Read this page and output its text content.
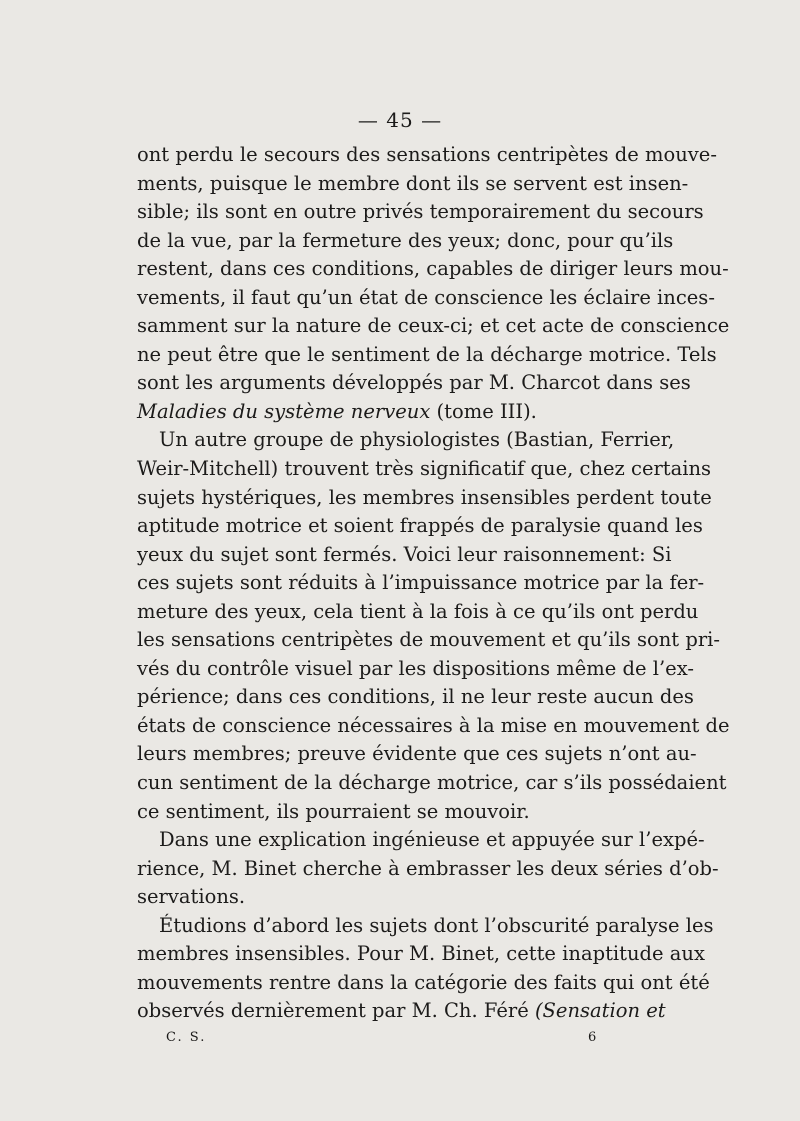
— 45 —
ont perdu le secours des sensations centripètes de mouve-
ments, puisque le membre dont ils se servent est insen-
sible; ils sont en outre privés temporairement du secours
de la vue, par la fermeture des yeux; donc, pour qu’ils
restent, dans ces conditions, capables de diriger leurs mou-
vements, il faut qu’un état de conscience les éclaire inces-
samment sur la nature de ceux-ci; et cet acte de conscience
ne peut être que le sentiment de la décharge motrice. Tels
sont les arguments développés par M. Charcot dans ses
Maladies du système nerveux (tome III).
Un autre groupe de physiologistes (Bastian, Ferrier,
Weir-Mitchell) trouvent très significatif que, chez certains
sujets hystériques, les membres insensibles perdent toute
aptitude motrice et soient frappés de paralysie quand les
yeux du sujet sont fermés. Voici leur raisonnement: Si
ces sujets sont réduits à l’impuissance motrice par la fer-
meture des yeux, cela tient à la fois à ce qu’ils ont perdu
les sensations centripètes de mouvement et qu’ils sont pri-
vés du contrôle visuel par les dispositions même de l’ex-
périence; dans ces conditions, il ne leur reste aucun des
états de conscience nécessaires à la mise en mouvement de
leurs membres; preuve évidente que ces sujets n’ont au-
cun sentiment de la décharge motrice, car s’ils possédaient
ce sentiment, ils pourraient se mouvoir.
Dans une explication ingénieuse et appuyée sur l’expé-
rience, M. Binet cherche à embrasser les deux séries d’ob-
servations.
Étudions d’abord les sujets dont l’obscurité paralyse les
membres insensibles. Pour M. Binet, cette inaptitude aux
mouvements rentre dans la catégorie des faits qui ont été
observés dernièrement par M. Ch. Féré (Sensation et
C. S.	6
